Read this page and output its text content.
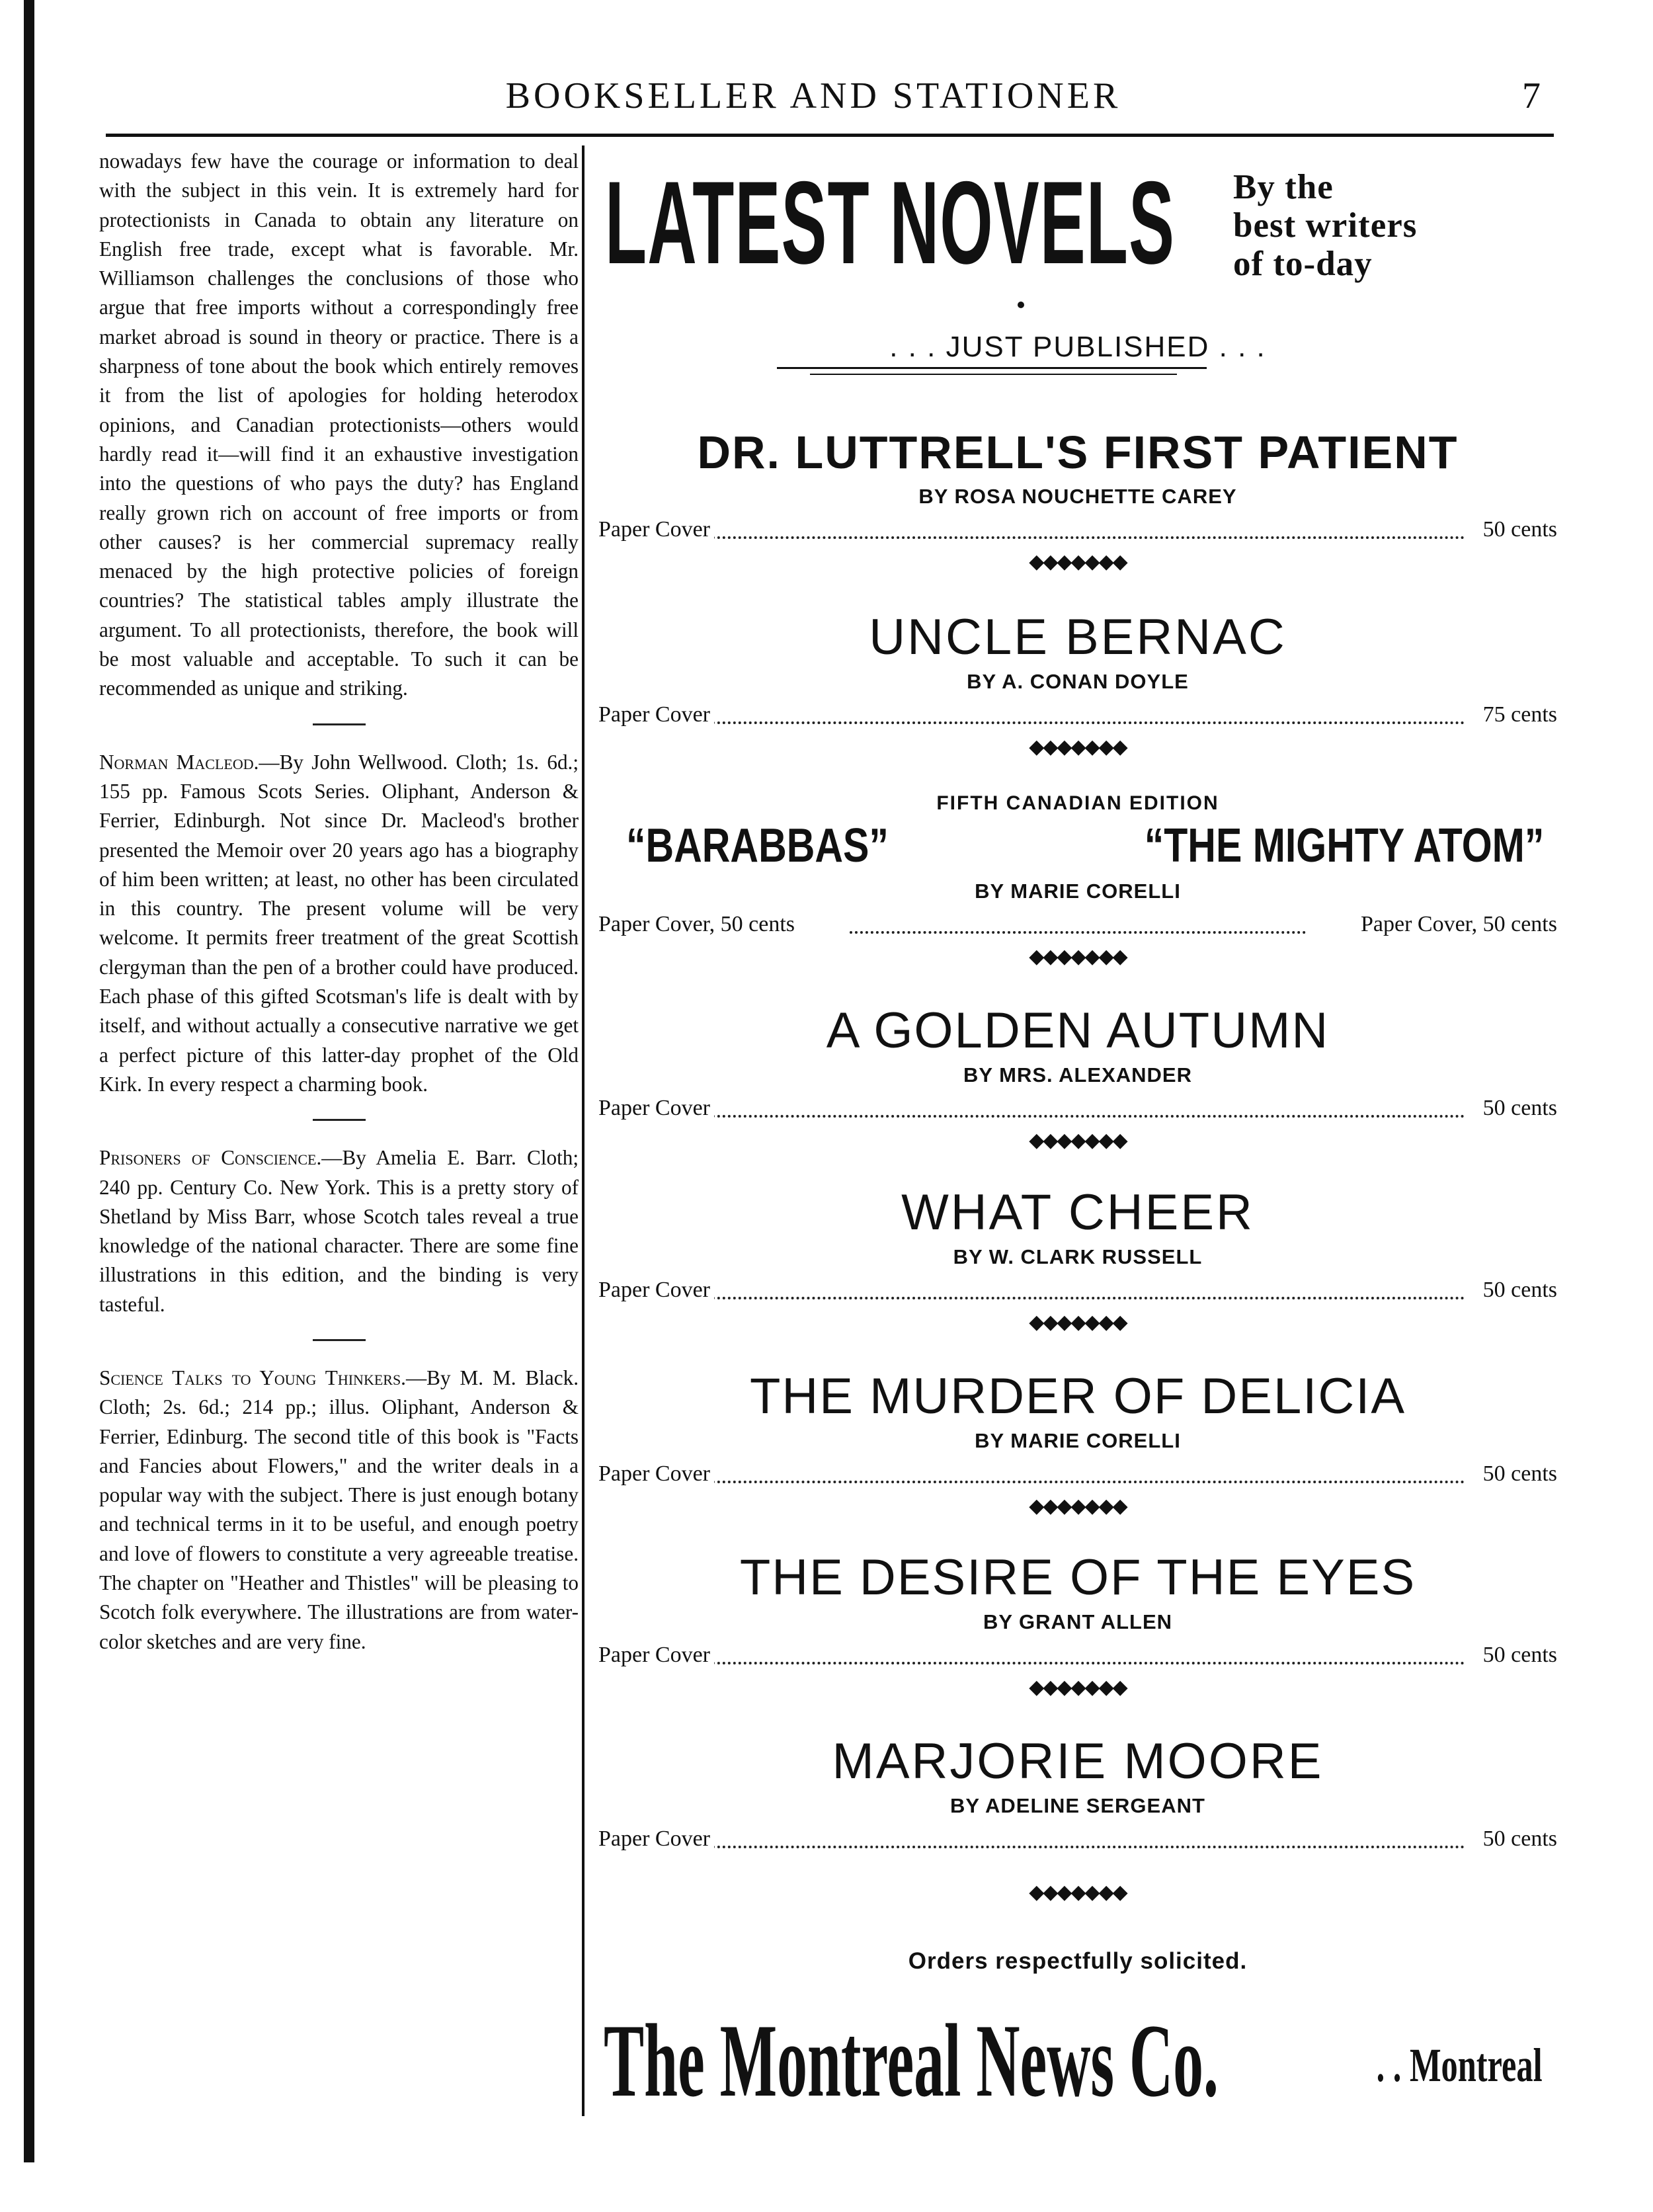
BOOKSELLER AND STATIONER	7

nowadays few have the courage or information to deal with the subject in this vein. It is extremely hard for protectionists in Canada to obtain any literature on English free trade, except what is favorable. Mr. Williamson challenges the conclusions of those who argue that free imports without a correspondingly free market abroad is sound in theory or practice. There is a sharpness of tone about the book which entirely removes it from the list of apologies for holding heterodox opinions, and Canadian protectionists—others would hardly read it—will find it an exhaustive investigation into the questions of who pays the duty? has England really grown rich on account of free imports or from other causes? is her commercial supremacy really menaced by the high protective policies of foreign countries? The statistical tables amply illustrate the argument. To all protectionists, therefore, the book will be most valuable and acceptable. To such it can be recommended as unique and striking.

Norman Macleod.—By John Wellwood. Cloth; 1s. 6d.; 155 pp. Famous Scots Series. Oliphant, Anderson & Ferrier, Edinburgh. Not since Dr. Macleod's brother presented the Memoir over 20 years ago has a biography of him been written; at least, no other has been circulated in this country. The present volume will be very welcome. It permits freer treatment of the great Scottish clergyman than the pen of a brother could have produced. Each phase of this gifted Scotsman's life is dealt with by itself, and without actually a consecutive narrative we get a perfect picture of this latter-day prophet of the Old Kirk. In every respect a charming book.

Prisoners of Conscience.—By Amelia E. Barr. Cloth; 240 pp. Century Co. New York. This is a pretty story of Shetland by Miss Barr, whose Scotch tales reveal a true knowledge of the national character. There are some fine illustrations in this edition, and the binding is very tasteful.

Science Talks to Young Thinkers.—By M. M. Black. Cloth; 2s. 6d.; 214 pp.; illus. Oliphant, Anderson & Ferrier, Edinburg. The second title of this book is "Facts and Fancies about Flowers," and the writer deals in a popular way with the subject. There is just enough botany and technical terms in it to be useful, and enough poetry and love of flowers to constitute a very agreeable treatise. The chapter on "Heather and Thistles" will be pleasing to Scotch folk everywhere. The illustrations are from water-color sketches and are very fine.

LATEST NOVELS By the
best writers
of to-day
. . . JUST PUBLISHED . . .
DR. LUTTRELL'S FIRST PATIENT
BY ROSA NOUCHETTE CAREY
Paper Cover	50 cents
◆◆◆◆◆◆◆
UNCLE BERNAC
BY A. CONAN DOYLE
Paper Cover	75 cents
◆◆◆◆◆◆◆
FIFTH CANADIAN EDITION
“BARABBAS”	“THE MIGHTY ATOM”
BY MARIE CORELLI
Paper Cover, 50 cents	Paper Cover, 50 cents
◆◆◆◆◆◆◆
A GOLDEN AUTUMN
BY MRS. ALEXANDER
Paper Cover	50 cents
◆◆◆◆◆◆◆
WHAT CHEER
BY W. CLARK RUSSELL
Paper Cover	50 cents
◆◆◆◆◆◆◆
THE MURDER OF DELICIA
BY MARIE CORELLI
Paper Cover	50 cents
◆◆◆◆◆◆◆
THE DESIRE OF THE EYES
BY GRANT ALLEN
Paper Cover	50 cents
◆◆◆◆◆◆◆
MARJORIE MOORE
BY ADELINE SERGEANT
Paper Cover	50 cents
◆◆◆◆◆◆◆
Orders respectfully solicited.
The Montreal News Co.	. . Montreal
